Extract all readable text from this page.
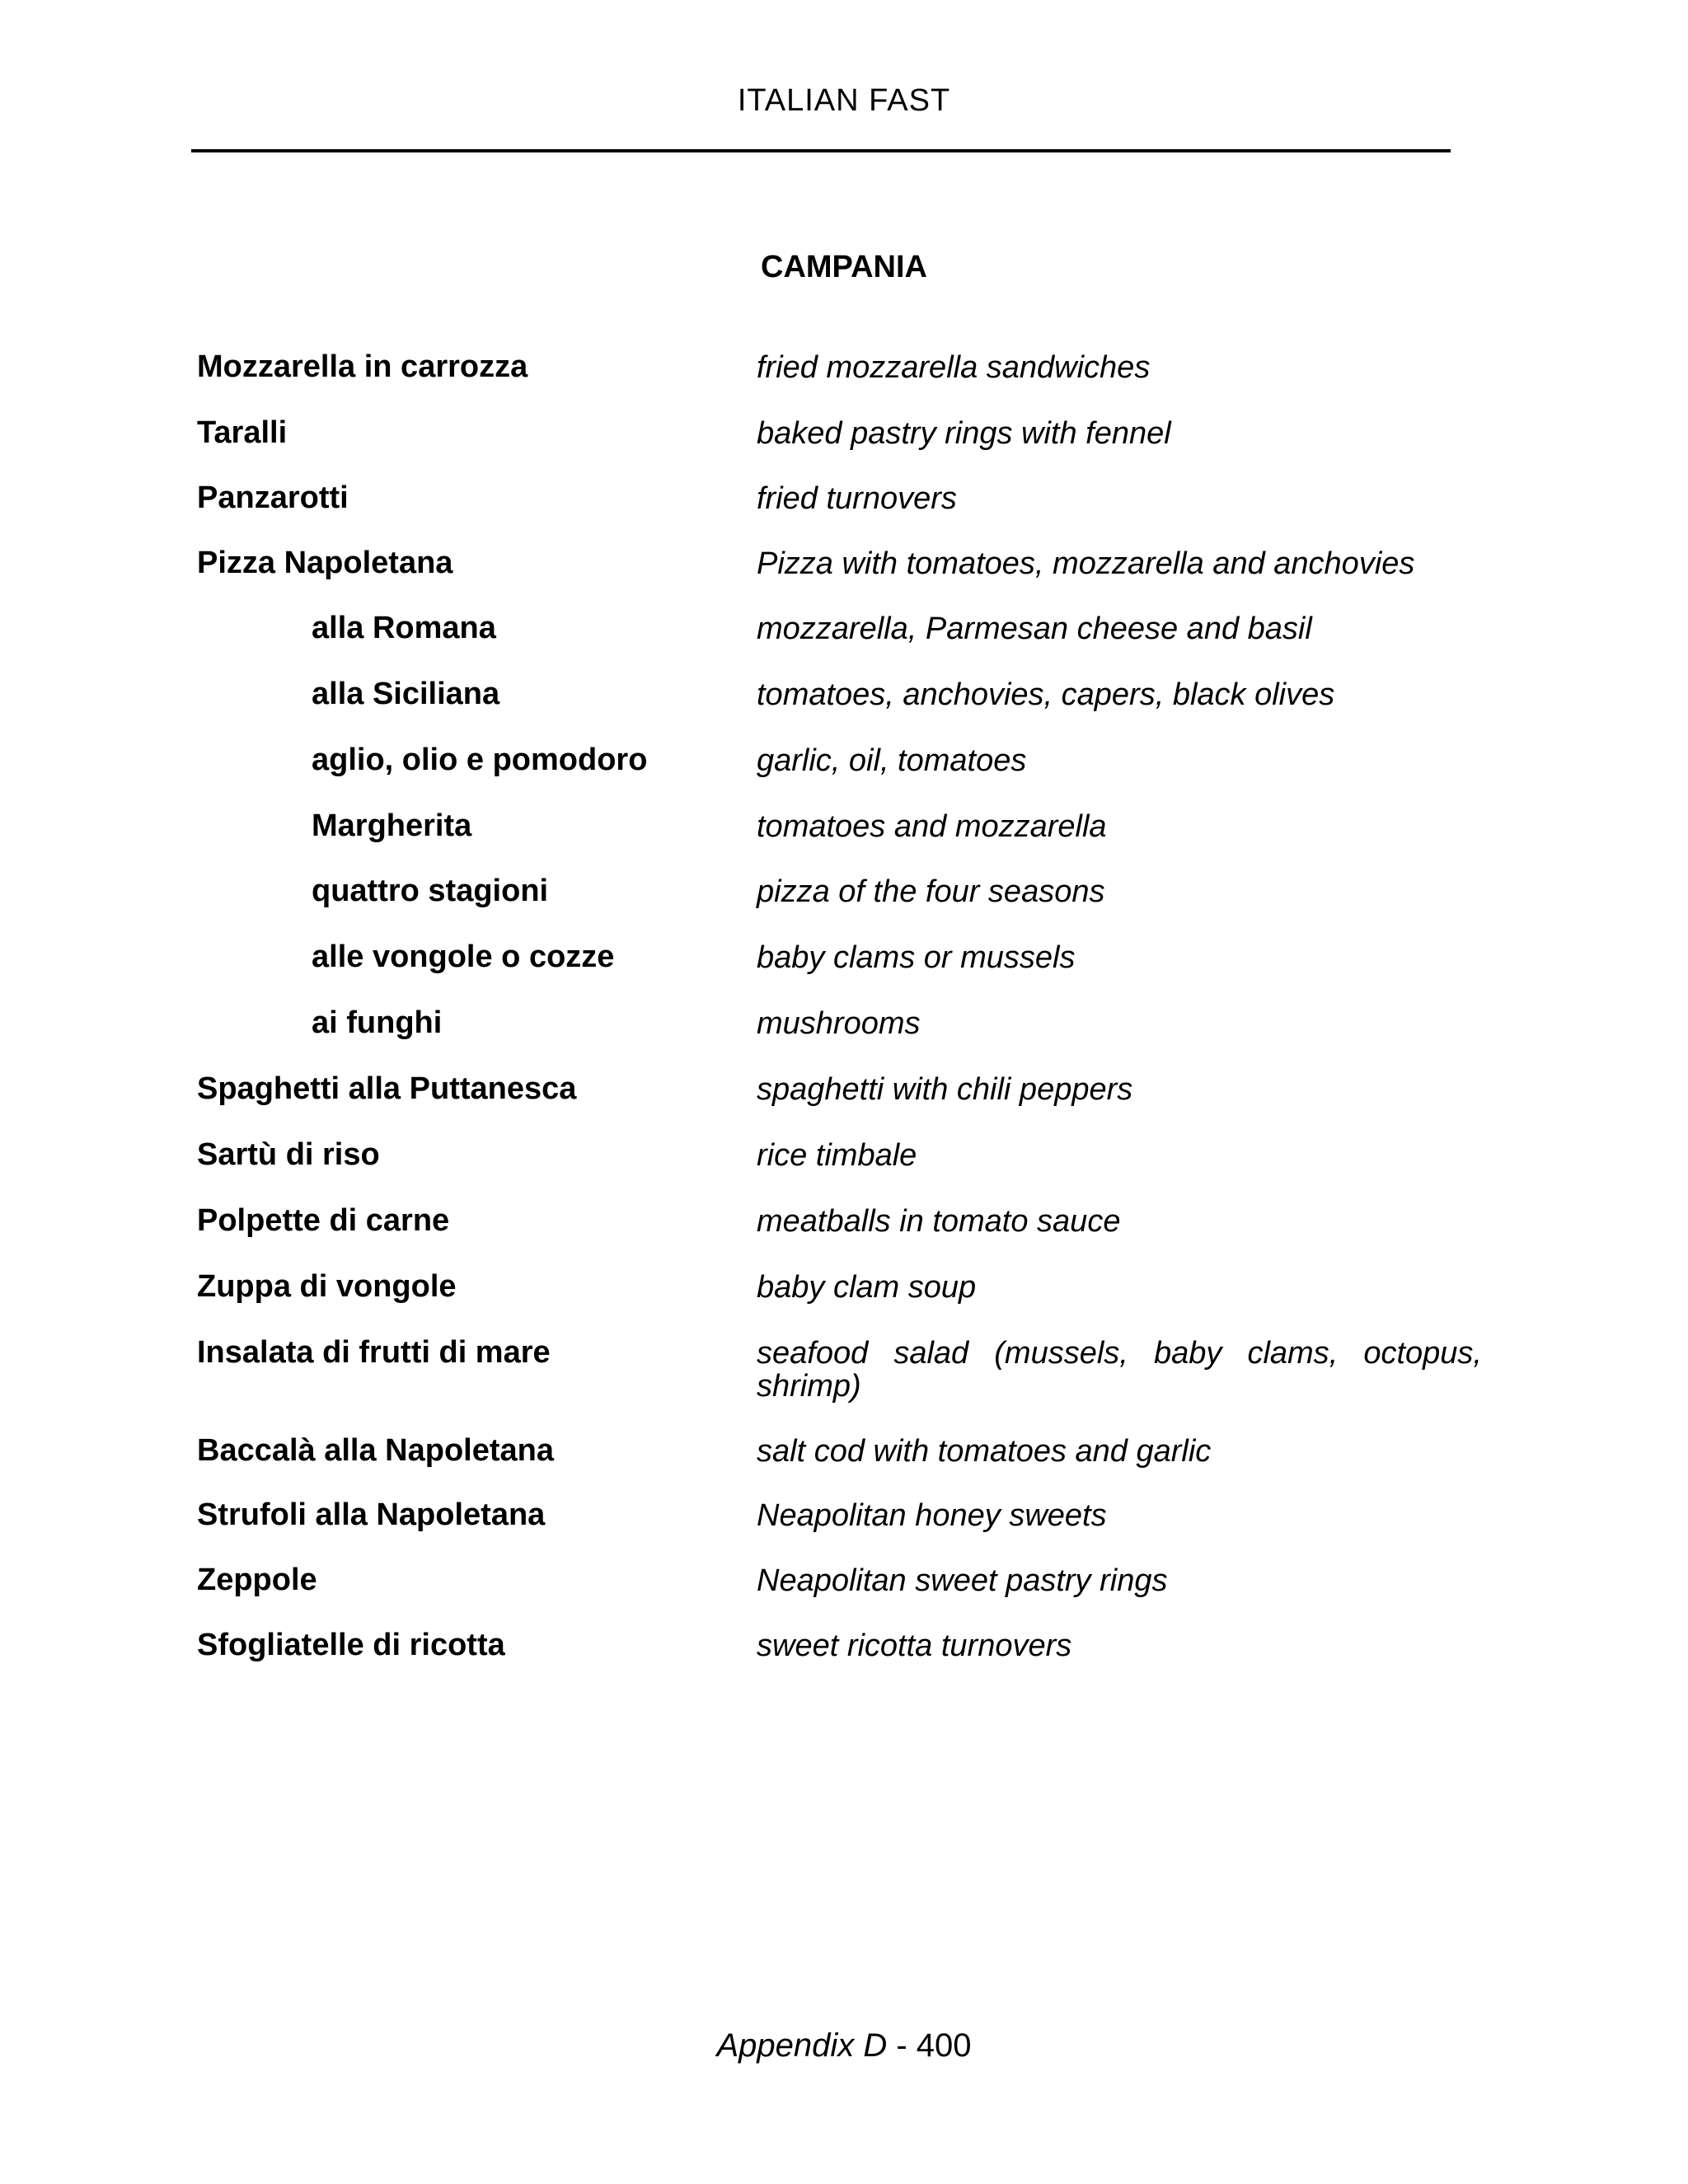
ITALIAN FAST
CAMPANIA
Mozzarella in carrozza	fried mozzarella sandwiches
Taralli	baked pastry rings with fennel
Panzarotti	fried turnovers
Pizza Napoletana	Pizza with tomatoes, mozzarella and anchovies
alla Romana	mozzarella, Parmesan cheese and basil
alla Siciliana	tomatoes, anchovies, capers, black olives
aglio, olio e pomodoro	garlic, oil, tomatoes
Margherita	tomatoes and mozzarella
quattro stagioni	pizza of the four seasons
alle vongole o cozze	baby clams or mussels
ai funghi	mushrooms
Spaghetti alla Puttanesca	spaghetti with chili peppers
Sartù di riso	rice timbale
Polpette di carne	meatballs in tomato sauce
Zuppa di vongole	baby clam soup
Insalata di frutti di mare	seafood salad (mussels, baby clams, octopus, shrimp)
Baccalà alla Napoletana	salt cod with tomatoes and garlic
Strufoli alla Napoletana	Neapolitan honey sweets
Zeppole	Neapolitan sweet pastry rings
Sfogliatelle di ricotta	sweet ricotta turnovers
Appendix D - 400
